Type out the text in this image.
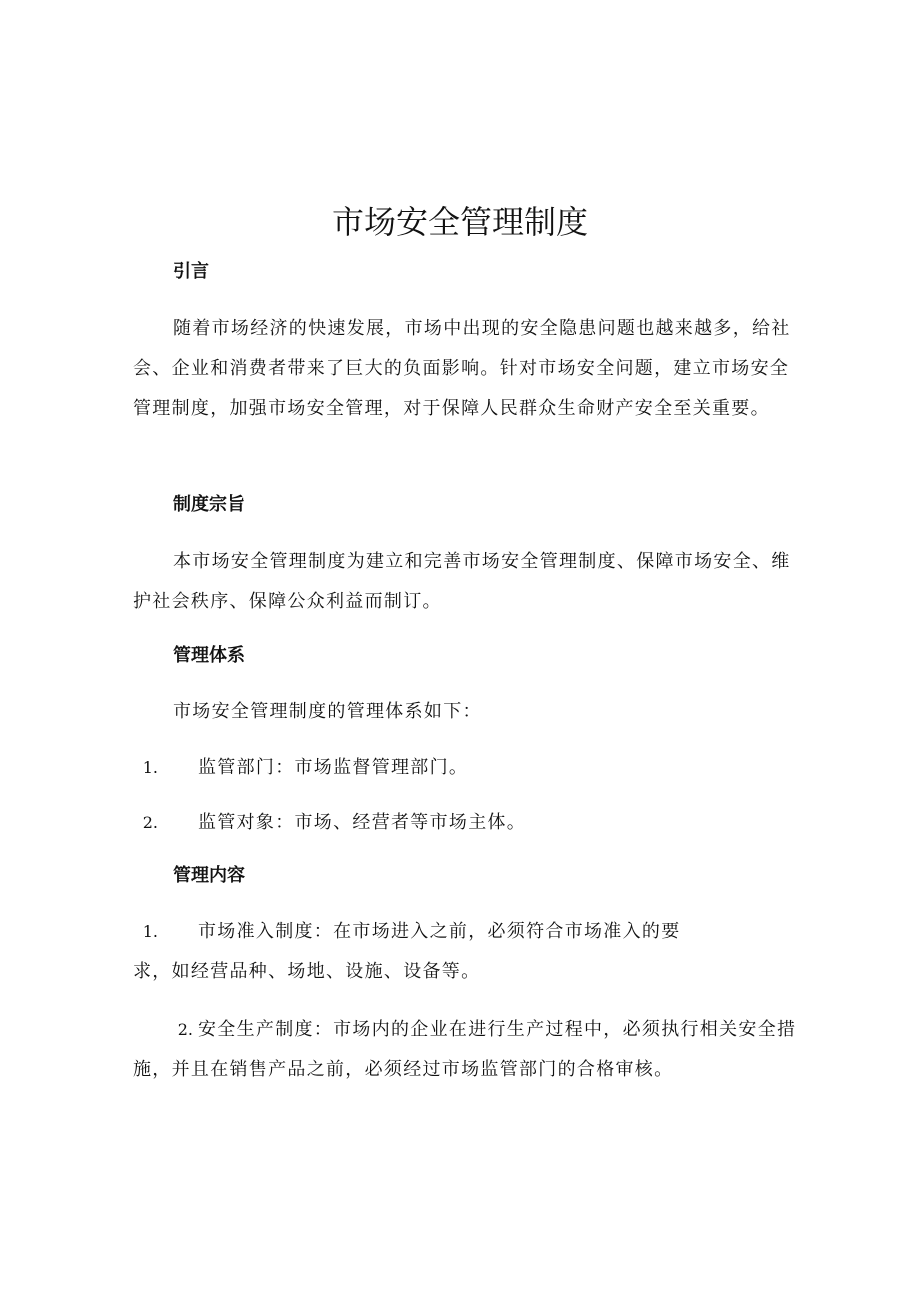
市场安全管理制度
引言

随着市场经济的快速发展，市场中出现的安全隐患问题也越来越多，给社会、企业和消费者带来了巨大的负面影响。针对市场安全问题，建立市场安全管理制度，加强市场安全管理，对于保障人民群众生命财产安全至关重要。

制度宗旨

本市场安全管理制度为建立和完善市场安全管理制度、保障市场安全、维护社会秩序、保障公众利益而制订。

管理体系

市场安全管理制度的管理体系如下：

1. 监管部门：市场监督管理部门。

2. 监管对象：市场、经营者等市场主体。

管理内容

1. 市场准入制度：在市场进入之前，必须符合市场准入的要
求，如经营品种、场地、设施、设备等。

2. 安全生产制度：市场内的企业在进行生产过程中，必须执行相关安全措施，并且在销售产品之前，必须经过市场监管部门的合格审核。
